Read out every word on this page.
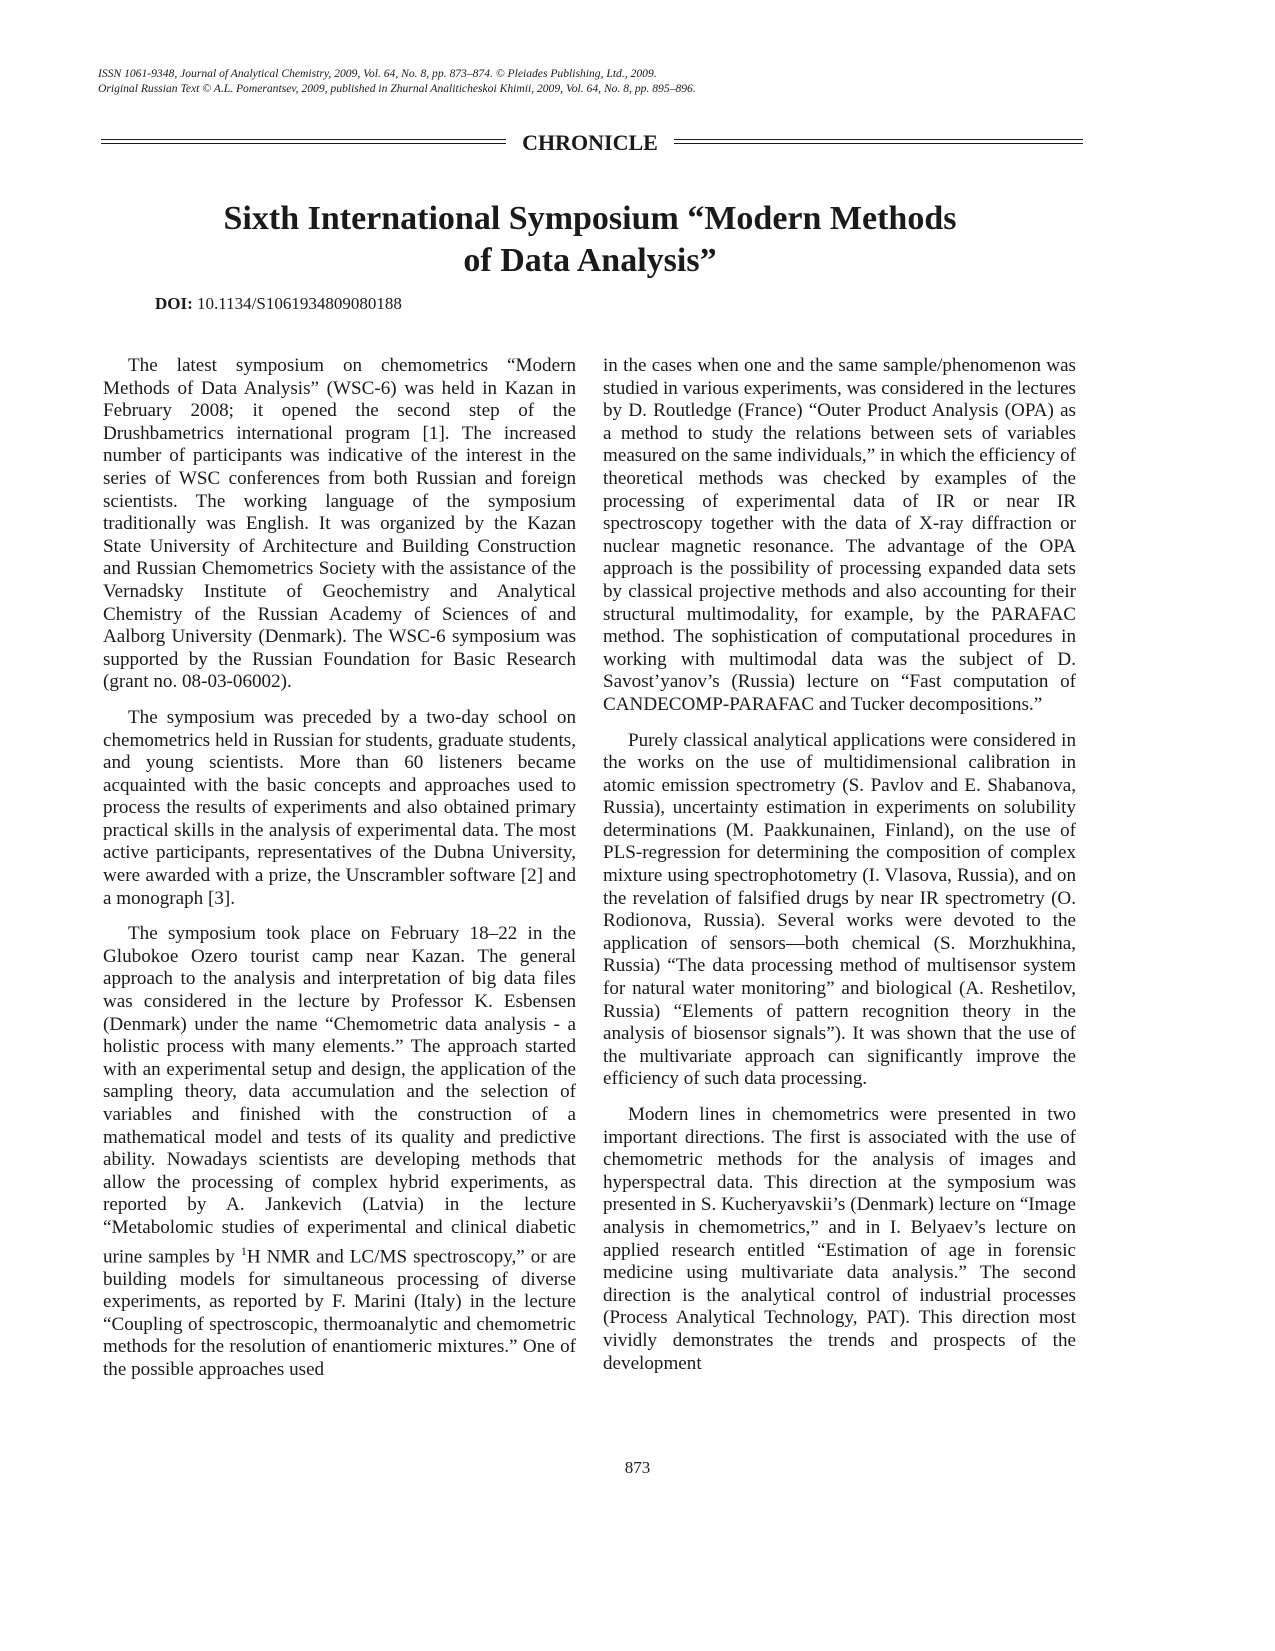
ISSN 1061-9348, Journal of Analytical Chemistry, 2009, Vol. 64, No. 8, pp. 873–874. © Pleiades Publishing, Ltd., 2009.
Original Russian Text © A.L. Pomerantsev, 2009, published in Zhurnal Analiticheskoi Khimii, 2009, Vol. 64, No. 8, pp. 895–896.
CHRONICLE
Sixth International Symposium “Modern Methods
of Data Analysis”
DOI: 10.1134/S1061934809080188

The latest symposium on chemometrics “Modern Methods of Data Analysis” (WSC-6) was held in Kazan in February 2008; it opened the second step of the Drushbametrics international program [1]. The increased number of participants was indicative of the interest in the series of WSC conferences from both Russian and foreign scientists. The working language of the symposium traditionally was English. It was organized by the Kazan State University of Architecture and Building Construction and Russian Chemometrics Society with the assistance of the Vernadsky Institute of Geochemistry and Analytical Chemistry of the Russian Academy of Sciences of and Aalborg University (Denmark). The WSC-6 symposium was supported by the Russian Foundation for Basic Research (grant no. 08-03-06002).

The symposium was preceded by a two-day school on chemometrics held in Russian for students, graduate students, and young scientists. More than 60 listeners became acquainted with the basic concepts and approaches used to process the results of experiments and also obtained primary practical skills in the analysis of experimental data. The most active participants, representatives of the Dubna University, were awarded with a prize, the Unscrambler software [2] and a monograph [3].

The symposium took place on February 18–22 in the Glubokoe Ozero tourist camp near Kazan. The general approach to the analysis and interpretation of big data files was considered in the lecture by Professor K. Esbensen (Denmark) under the name “Chemometric data analysis - a holistic process with many elements.” The approach started with an experimental setup and design, the application of the sampling theory, data accumulation and the selection of variables and finished with the construction of a mathematical model and tests of its quality and predictive ability. Nowadays scientists are developing methods that allow the processing of complex hybrid experiments, as reported by A. Jankevich (Latvia) in the lecture “Metabolomic studies of experimental and clinical diabetic urine samples by $^1$H NMR and LC/MS spectroscopy,” or are building models for simultaneous processing of diverse experiments, as reported by F. Marini (Italy) in the lecture “Coupling of spectroscopic, thermoanalytic and chemometric methods for the resolution of enantiomeric mixtures.” One of the possible approaches used

in the cases when one and the same sample/phenomenon was studied in various experiments, was considered in the lectures by D. Routledge (France) “Outer Product Analysis (OPA) as a method to study the relations between sets of variables measured on the same individuals,” in which the efficiency of theoretical methods was checked by examples of the processing of experimental data of IR or near IR spectroscopy together with the data of X-ray diffraction or nuclear magnetic resonance. The advantage of the OPA approach is the possibility of processing expanded data sets by classical projective methods and also accounting for their structural multimodality, for example, by the PARAFAC method. The sophistication of computational procedures in working with multimodal data was the subject of D. Savost’yanov’s (Russia) lecture on “Fast computation of CANDECOMP-PARAFAC and Tucker decompositions.”

Purely classical analytical applications were considered in the works on the use of multidimensional calibration in atomic emission spectrometry (S. Pavlov and E. Shabanova, Russia), uncertainty estimation in experiments on solubility determinations (M. Paakkunainen, Finland), on the use of PLS-regression for determining the composition of complex mixture using spectrophotometry (I. Vlasova, Russia), and on the revelation of falsified drugs by near IR spectrometry (O. Rodionova, Russia). Several works were devoted to the application of sensors—both chemical (S. Morzhukhina, Russia) “The data processing method of multisensor system for natural water monitoring” and biological (A. Reshetilov, Russia) “Elements of pattern recognition theory in the analysis of biosensor signals”). It was shown that the use of the multivariate approach can significantly improve the efficiency of such data processing.

Modern lines in chemometrics were presented in two important directions. The first is associated with the use of chemometric methods for the analysis of images and hyperspectral data. This direction at the symposium was presented in S. Kucheryavskii’s (Denmark) lecture on “Image analysis in chemometrics,” and in I. Belyaev’s lecture on applied research entitled “Estimation of age in forensic medicine using multivariate data analysis.” The second direction is the analytical control of industrial processes (Process Analytical Technology, PAT). This direction most vividly demonstrates the trends and prospects of the development

873
